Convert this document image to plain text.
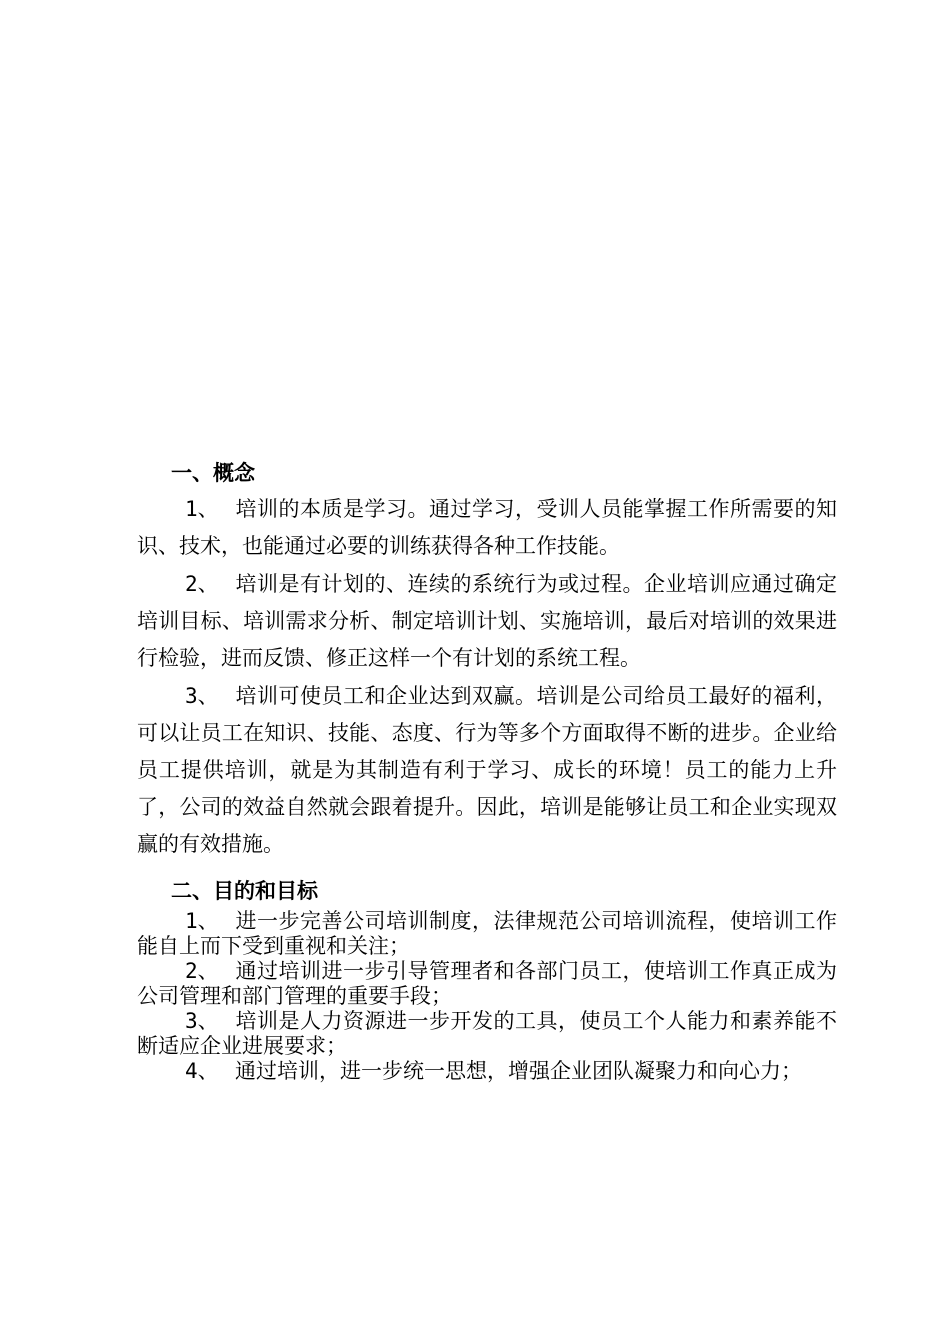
一、概念

1、 培训的本质是学习。通过学习，受训人员能掌握工作所需要的知识、技术，也能通过必要的训练获得各种工作技能。

2、 培训是有计划的、连续的系统行为或过程。企业培训应通过确定培训目标、培训需求分析、制定培训计划、实施培训，最后对培训的效果进行检验，进而反馈、修正这样一个有计划的系统工程。

3、 培训可使员工和企业达到双赢。培训是公司给员工最好的福利，可以让员工在知识、技能、态度、行为等多个方面取得不断的进步。企业给员工提供培训，就是为其制造有利于学习、成长的环境！员工的能力上升了，公司的效益自然就会跟着提升。因此，培训是能够让员工和企业实现双赢的有效措施。

二、目的和目标

1、 进一步完善公司培训制度，法律规范公司培训流程，使培训工作能自上而下受到重视和关注；

2、 通过培训进一步引导管理者和各部门员工，使培训工作真正成为公司管理和部门管理的重要手段；

3、 培训是人力资源进一步开发的工具，使员工个人能力和素养能不断适应企业进展要求；

4、 通过培训，进一步统一思想，增强企业团队凝聚力和向心力；
